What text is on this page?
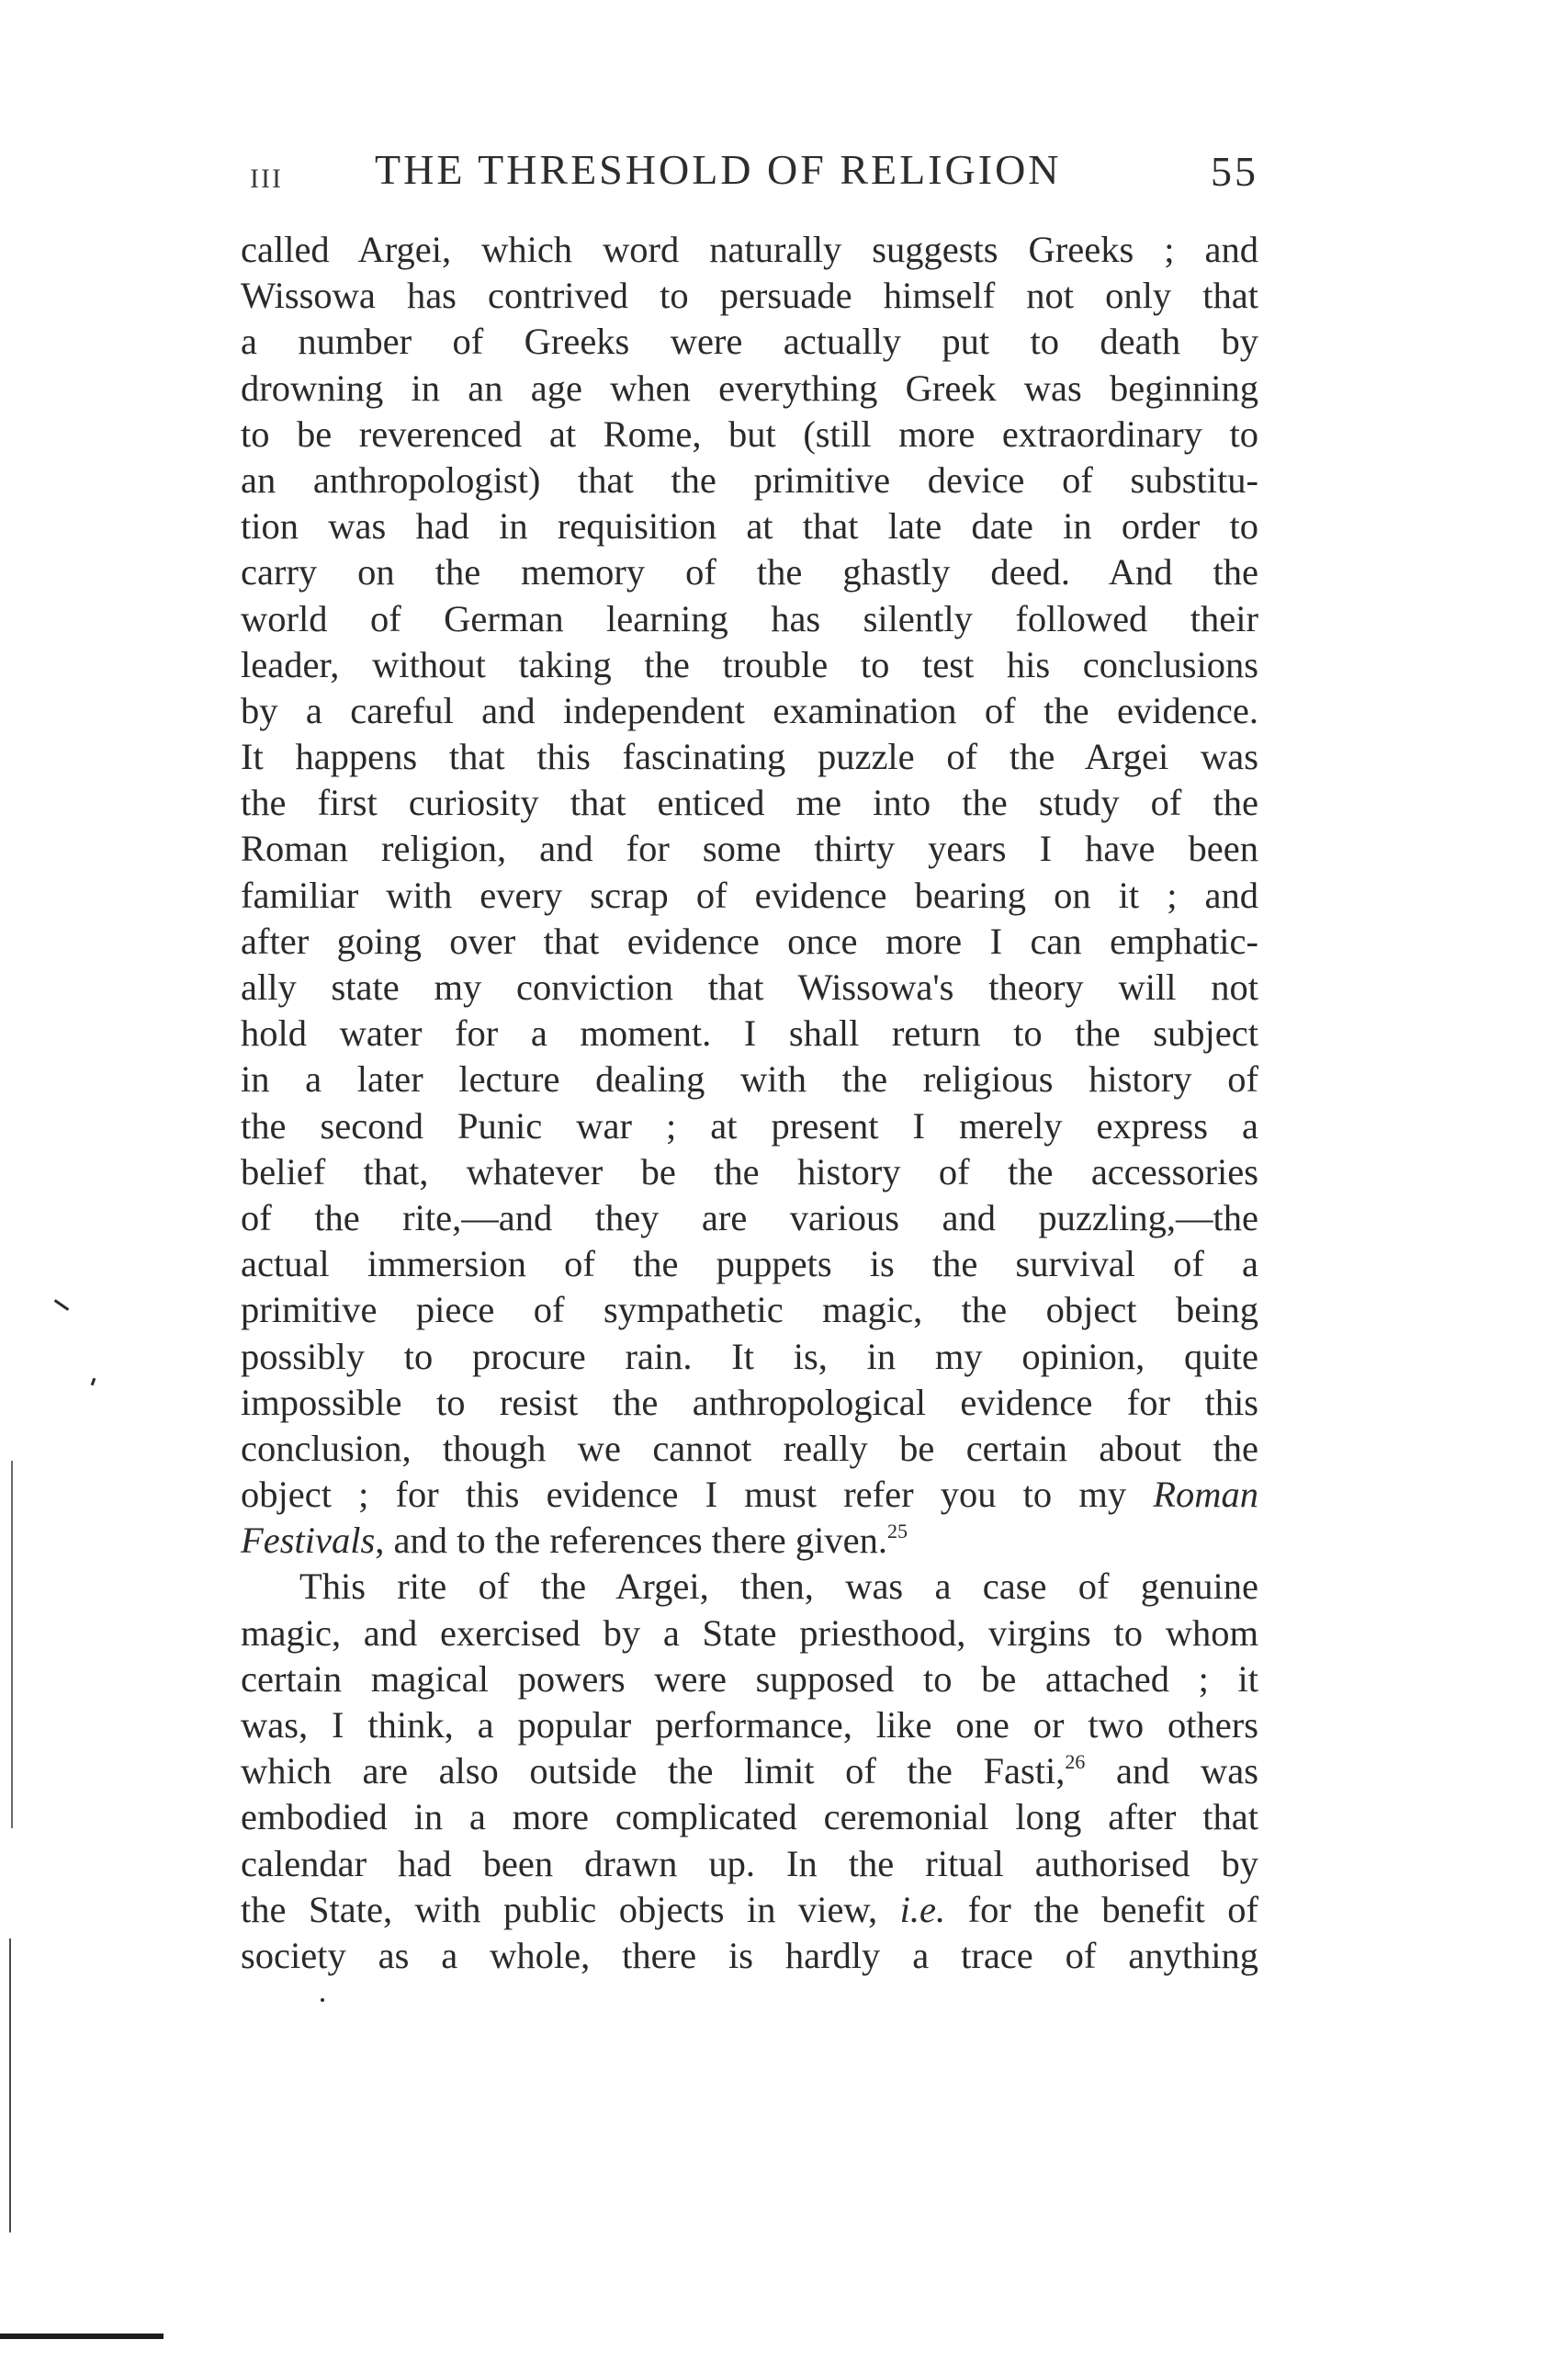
III THE THRESHOLD OF RELIGION	55
called Argei, which word naturally suggests Greeks ; and
Wissowa has contrived to persuade himself not only that
a number of Greeks were actually put to death by
drowning in an age when everything Greek was beginning
to be reverenced at Rome, but (still more extraordinary to
an anthropologist) that the primitive device of substitu-
tion was had in requisition at that late date in order to
carry on the memory of the ghastly deed. And the
world of German learning has silently followed their
leader, without taking the trouble to test his conclusions
by a careful and independent examination of the evidence.
It happens that this fascinating puzzle of the Argei was
the first curiosity that enticed me into the study of the
Roman religion, and for some thirty years I have been
familiar with every scrap of evidence bearing on it ; and
after going over that evidence once more I can emphatic-
ally state my conviction that Wissowa's theory will not
hold water for a moment. I shall return to the subject
in a later lecture dealing with the religious history of
the second Punic war ; at present I merely express a
belief that, whatever be the history of the accessories
of the rite,—and they are various and puzzling,—the
actual immersion of the puppets is the survival of a
primitive piece of sympathetic magic, the object being
possibly to procure rain. It is, in my opinion, quite
impossible to resist the anthropological evidence for this
conclusion, though we cannot really be certain about the
object ; for this evidence I must refer you to my Roman
Festivals, and to the references there given.$^{25}$
This rite of the Argei, then, was a case of genuine
magic, and exercised by a State priesthood, virgins to whom
certain magical powers were supposed to be attached ; it
was, I think, a popular performance, like one or two others
which are also outside the limit of the Fasti,$^{26}$ and was
embodied in a more complicated ceremonial long after that
calendar had been drawn up. In the ritual authorised by
the State, with public objects in view, i.e. for the benefit of
society as a whole, there is hardly a trace of anything
